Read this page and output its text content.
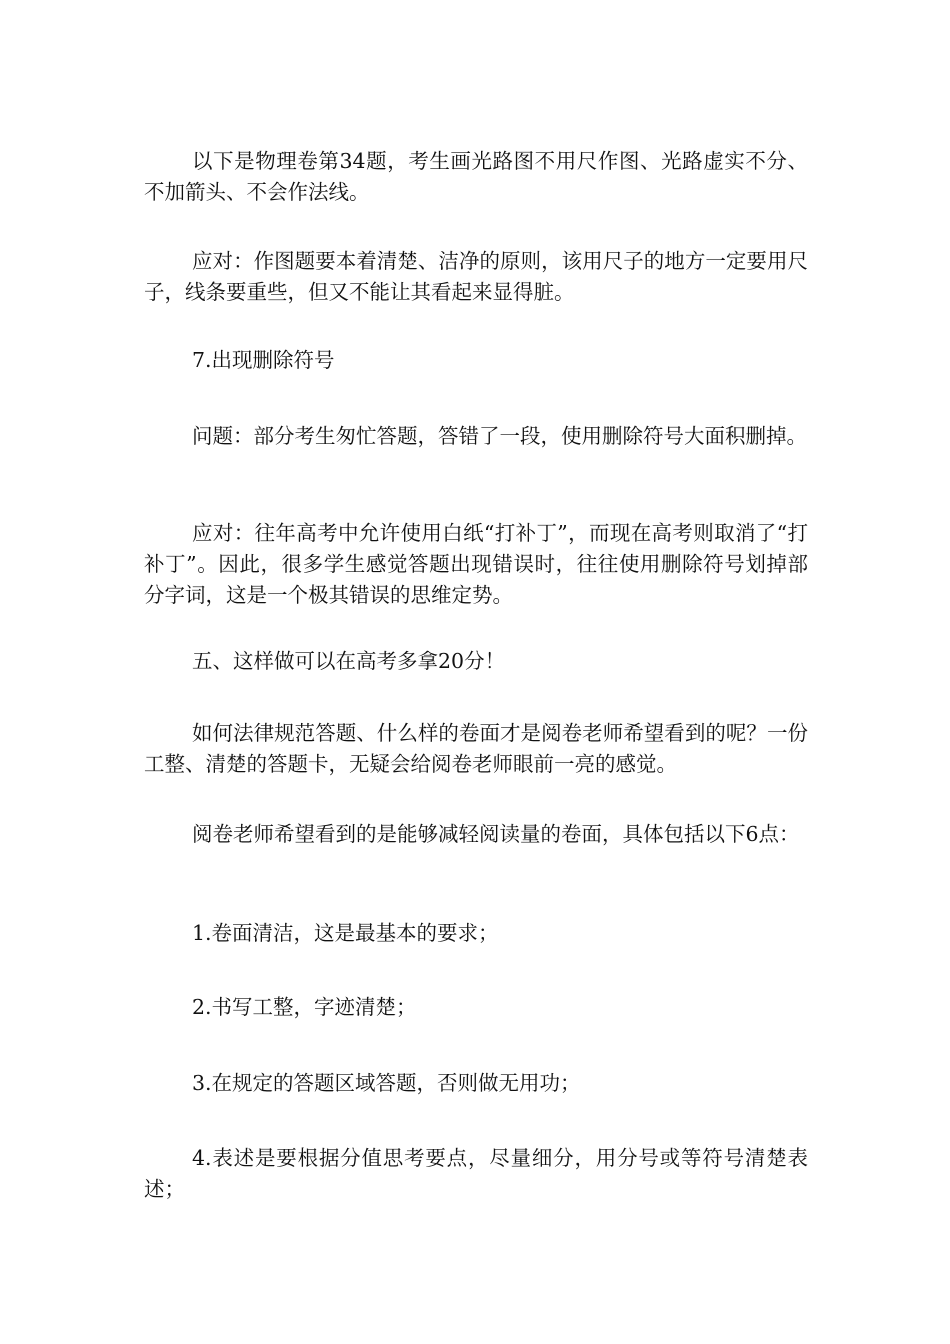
以下是物理卷第34题，考生画光路图不用尺作图、光路虚实不分、不加箭头、不会作法线。

应对：作图题要本着清楚、洁净的原则，该用尺子的地方一定要用尺子，线条要重些，但又不能让其看起来显得脏。

7.出现删除符号

问题：部分考生匆忙答题，答错了一段，使用删除符号大面积删掉。

应对：往年高考中允许使用白纸“打补丁”，而现在高考则取消了“打补丁”。因此，很多学生感觉答题出现错误时，往往使用删除符号划掉部分字词，这是一个极其错误的思维定势。

五、这样做可以在高考多拿20分！

如何法律规范答题、什么样的卷面才是阅卷老师希望看到的呢？一份工整、清楚的答题卡，无疑会给阅卷老师眼前一亮的感觉。

阅卷老师希望看到的是能够减轻阅读量的卷面，具体包括以下6点：

1.卷面清洁，这是最基本的要求；

2.书写工整，字迹清楚；

3.在规定的答题区域答题，否则做无用功；

4.表述是要根据分值思考要点，尽量细分，用分号或等符号清楚表述；
